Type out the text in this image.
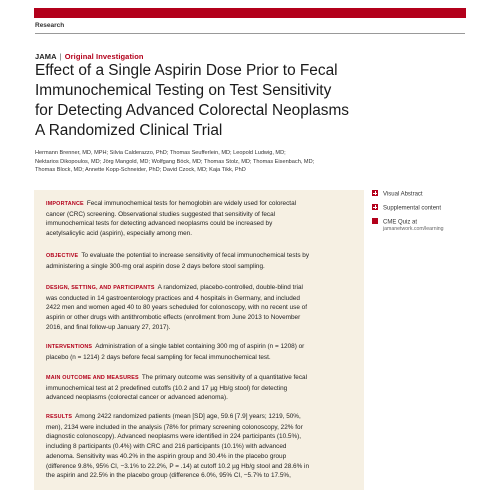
Research
JAMA | Original Investigation
Effect of a Single Aspirin Dose Prior to Fecal
Immunochemical Testing on Test Sensitivity
for Detecting Advanced Colorectal Neoplasms
A Randomized Clinical Trial
Hermann Brenner, MD, MPH; Silvia Calderazzo, PhD; Thomas Seufferlein, MD; Leopold Ludwig, MD;
Nektarios Dikopoulos, MD; Jörg Mangold, MD; Wolfgang Böck, MD; Thomas Stolz, MD; Thomas Eisenbach, MD;
Thomas Block, MD; Annette Kopp-Schneider, PhD; David Czock, MD; Kaja Tikk, PhD
Visual Abstract
Supplemental content
CME Quiz at
jamanetwork.com/learning
IMPORTANCE Fecal immunochemical tests for hemoglobin are widely used for colorectal
cancer (CRC) screening. Observational studies suggested that sensitivity of fecal
immunochemical tests for detecting advanced neoplasms could be increased by
acetylsalicylic acid (aspirin), especially among men.
OBJECTIVE To evaluate the potential to increase sensitivity of fecal immunochemical tests by
administering a single 300-mg oral aspirin dose 2 days before stool sampling.
DESIGN, SETTING, AND PARTICIPANTS A randomized, placebo-controlled, double-blind trial
was conducted in 14 gastroenterology practices and 4 hospitals in Germany, and included
2422 men and women aged 40 to 80 years scheduled for colonoscopy, with no recent use of
aspirin or other drugs with antithrombotic effects (enrollment from June 2013 to November
2016, and final follow-up January 27, 2017).
INTERVENTIONS Administration of a single tablet containing 300 mg of aspirin (n = 1208) or
placebo (n = 1214) 2 days before fecal sampling for fecal immunochemical test.
MAIN OUTCOME AND MEASURES The primary outcome was sensitivity of a quantitative fecal
immunochemical test at 2 predefined cutoffs (10.2 and 17 µg Hb/g stool) for detecting
advanced neoplasms (colorectal cancer or advanced adenoma).
RESULTS Among 2422 randomized patients (mean [SD] age, 59.6 [7.9] years; 1219, 50%,
men), 2134 were included in the analysis (78% for primary screening colonoscopy, 22% for
diagnostic colonoscopy). Advanced neoplasms were identified in 224 participants (10.5%),
including 8 participants (0.4%) with CRC and 216 participants (10.1%) with advanced
adenoma. Sensitivity was 40.2% in the aspirin group and 30.4% in the placebo group
(difference 9.8%, 95% CI, −3.1% to 22.2%, P = .14) at cutoff 10.2 µg Hb/g stool and 28.6% in
the aspirin and 22.5% in the placebo group (difference 6.0%, 95% CI, −5.7% to 17.5%,
